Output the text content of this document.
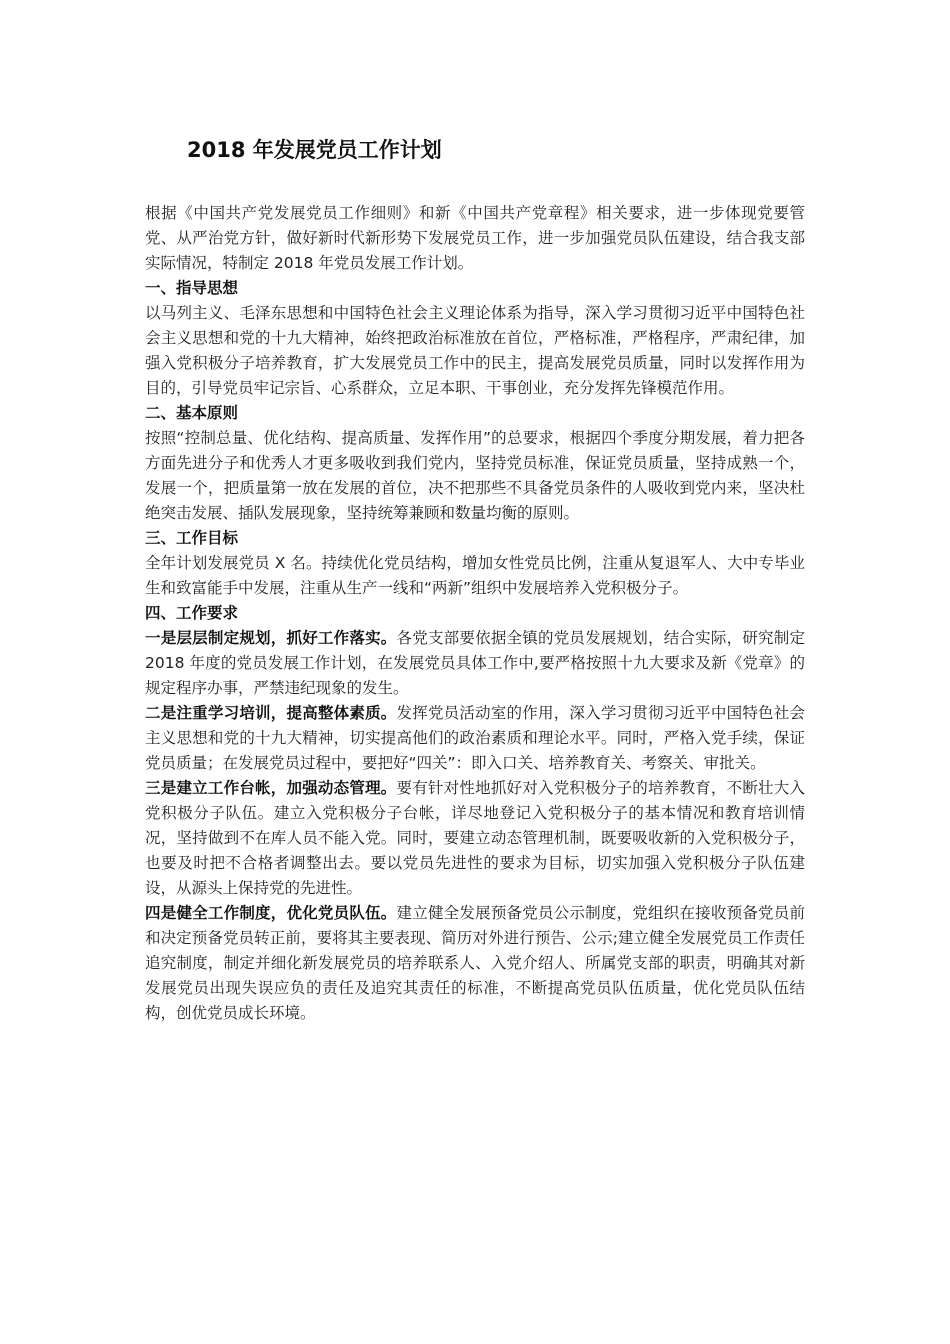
2018 年发展党员工作计划

根据《中国共产党发展党员工作细则》和新《中国共产党章程》相关要求，进一步体现党要管党、从严治党方针，做好新时代新形势下发展党员工作，进一步加强党员队伍建设，结合我支部实际情况，特制定 2018 年党员发展工作计划。

一、指导思想

以马列主义、毛泽东思想和中国特色社会主义理论体系为指导，深入学习贯彻习近平中国特色社会主义思想和党的十九大精神，始终把政治标准放在首位，严格标准，严格程序，严肃纪律，加强入党积极分子培养教育，扩大发展党员工作中的民主，提高发展党员质量，同时以发挥作用为目的，引导党员牢记宗旨、心系群众，立足本职、干事创业，充分发挥先锋模范作用。

二、基本原则

按照“控制总量、优化结构、提高质量、发挥作用”的总要求，根据四个季度分期发展，着力把各方面先进分子和优秀人才更多吸收到我们党内，坚持党员标准，保证党员质量，坚持成熟一个，发展一个，把质量第一放在发展的首位，决不把那些不具备党员条件的人吸收到党内来，坚决杜绝突击发展、插队发展现象，坚持统筹兼顾和数量均衡的原则。

三、工作目标

全年计划发展党员 X 名。持续优化党员结构，增加女性党员比例，注重从复退军人、大中专毕业生和致富能手中发展，注重从生产一线和“两新”组织中发展培养入党积极分子。

四、工作要求

一是层层制定规划，抓好工作落实。各党支部要依据全镇的党员发展规划，结合实际，研究制定 2018 年度的党员发展工作计划，在发展党员具体工作中,要严格按照十九大要求及新《党章》的规定程序办事，严禁违纪现象的发生。

二是注重学习培训，提高整体素质。发挥党员活动室的作用，深入学习贯彻习近平中国特色社会主义思想和党的十九大精神，切实提高他们的政治素质和理论水平。同时，严格入党手续，保证党员质量；在发展党员过程中，要把好“四关”：即入口关、培养教育关、考察关、审批关。

三是建立工作台帐，加强动态管理。要有针对性地抓好对入党积极分子的培养教育，不断壮大入党积极分子队伍。建立入党积极分子台帐，详尽地登记入党积极分子的基本情况和教育培训情况，坚持做到不在库人员不能入党。同时，要建立动态管理机制，既要吸收新的入党积极分子，也要及时把不合格者调整出去。要以党员先进性的要求为目标，切实加强入党积极分子队伍建设，从源头上保持党的先进性。

四是健全工作制度，优化党员队伍。建立健全发展预备党员公示制度，党组织在接收预备党员前和决定预备党员转正前，要将其主要表现、简历对外进行预告、公示;建立健全发展党员工作责任追究制度，制定并细化新发展党员的培养联系人、入党介绍人、所属党支部的职责，明确其对新发展党员出现失误应负的责任及追究其责任的标准，不断提高党员队伍质量，优化党员队伍结构，创优党员成长环境。
